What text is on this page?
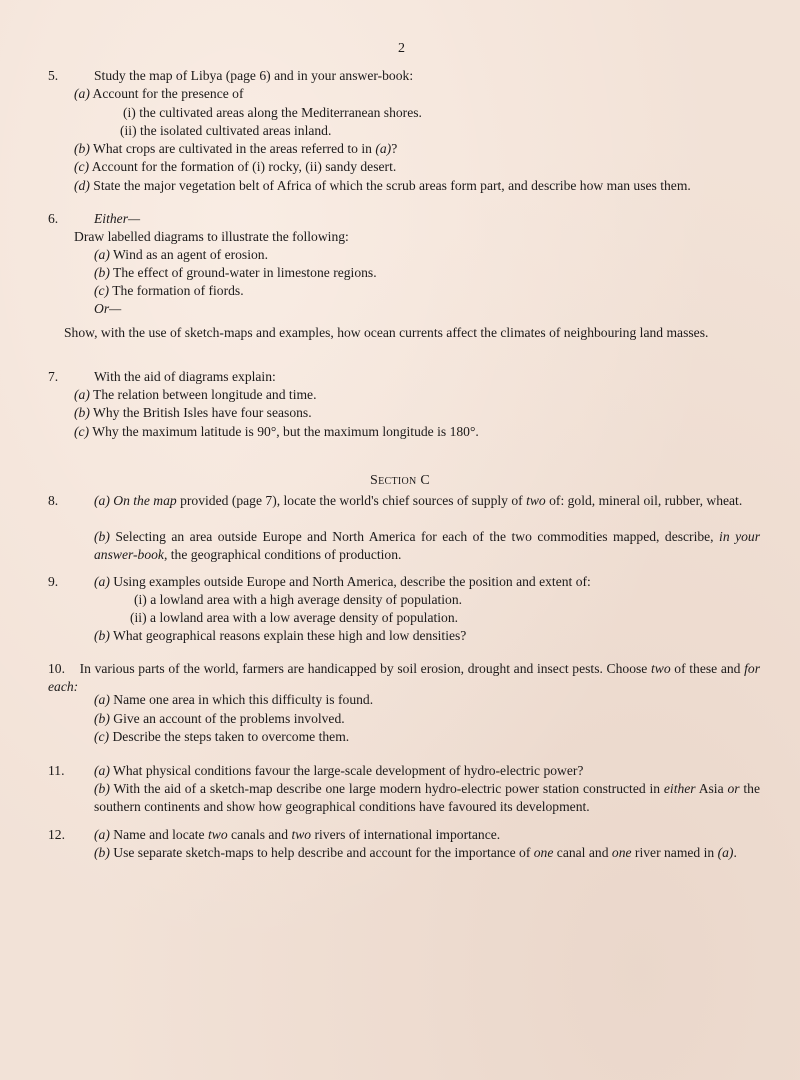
2
5.	Study the map of Libya (page 6) and in your answer-book:
(a) Account for the presence of
(i) the cultivated areas along the Mediterranean shores.
(ii) the isolated cultivated areas inland.
(b) What crops are cultivated in the areas referred to in (a)?
(c) Account for the formation of (i) rocky, (ii) sandy desert.
(d) State the major vegetation belt of Africa of which the scrub areas form part, and describe how man uses them.
6.	Either—
Draw labelled diagrams to illustrate the following:
(a) Wind as an agent of erosion.
(b) The effect of ground-water in limestone regions.
(c) The formation of fiords.
Or—
Show, with the use of sketch-maps and examples, how ocean currents affect the climates of neighbouring land masses.
7.	With the aid of diagrams explain:
(a) The relation between longitude and time.
(b) Why the British Isles have four seasons.
(c) Why the maximum latitude is 90°, but the maximum longitude is 180°.
Section C
8.	(a) On the map provided (page 7), locate the world's chief sources of supply of two of: gold, mineral oil, rubber, wheat.
(b) Selecting an area outside Europe and North America for each of the two commodities mapped, describe, in your answer-book, the geographical conditions of production.
9.	(a) Using examples outside Europe and North America, describe the position and extent of:
(i) a lowland area with a high average density of population.
(ii) a lowland area with a low average density of population.
(b) What geographical reasons explain these high and low densities?
10. In various parts of the world, farmers are handicapped by soil erosion, drought and insect pests. Choose two of these and for each:
(a) Name one area in which this difficulty is found.
(b) Give an account of the problems involved.
(c) Describe the steps taken to overcome them.
11. (a) What physical conditions favour the large-scale development of hydro-electric power?
(b) With the aid of a sketch-map describe one large modern hydro-electric power station constructed in either Asia or the southern continents and show how geographical conditions have favoured its development.
12. (a) Name and locate two canals and two rivers of international importance.
(b) Use separate sketch-maps to help describe and account for the importance of one canal and one river named in (a).
